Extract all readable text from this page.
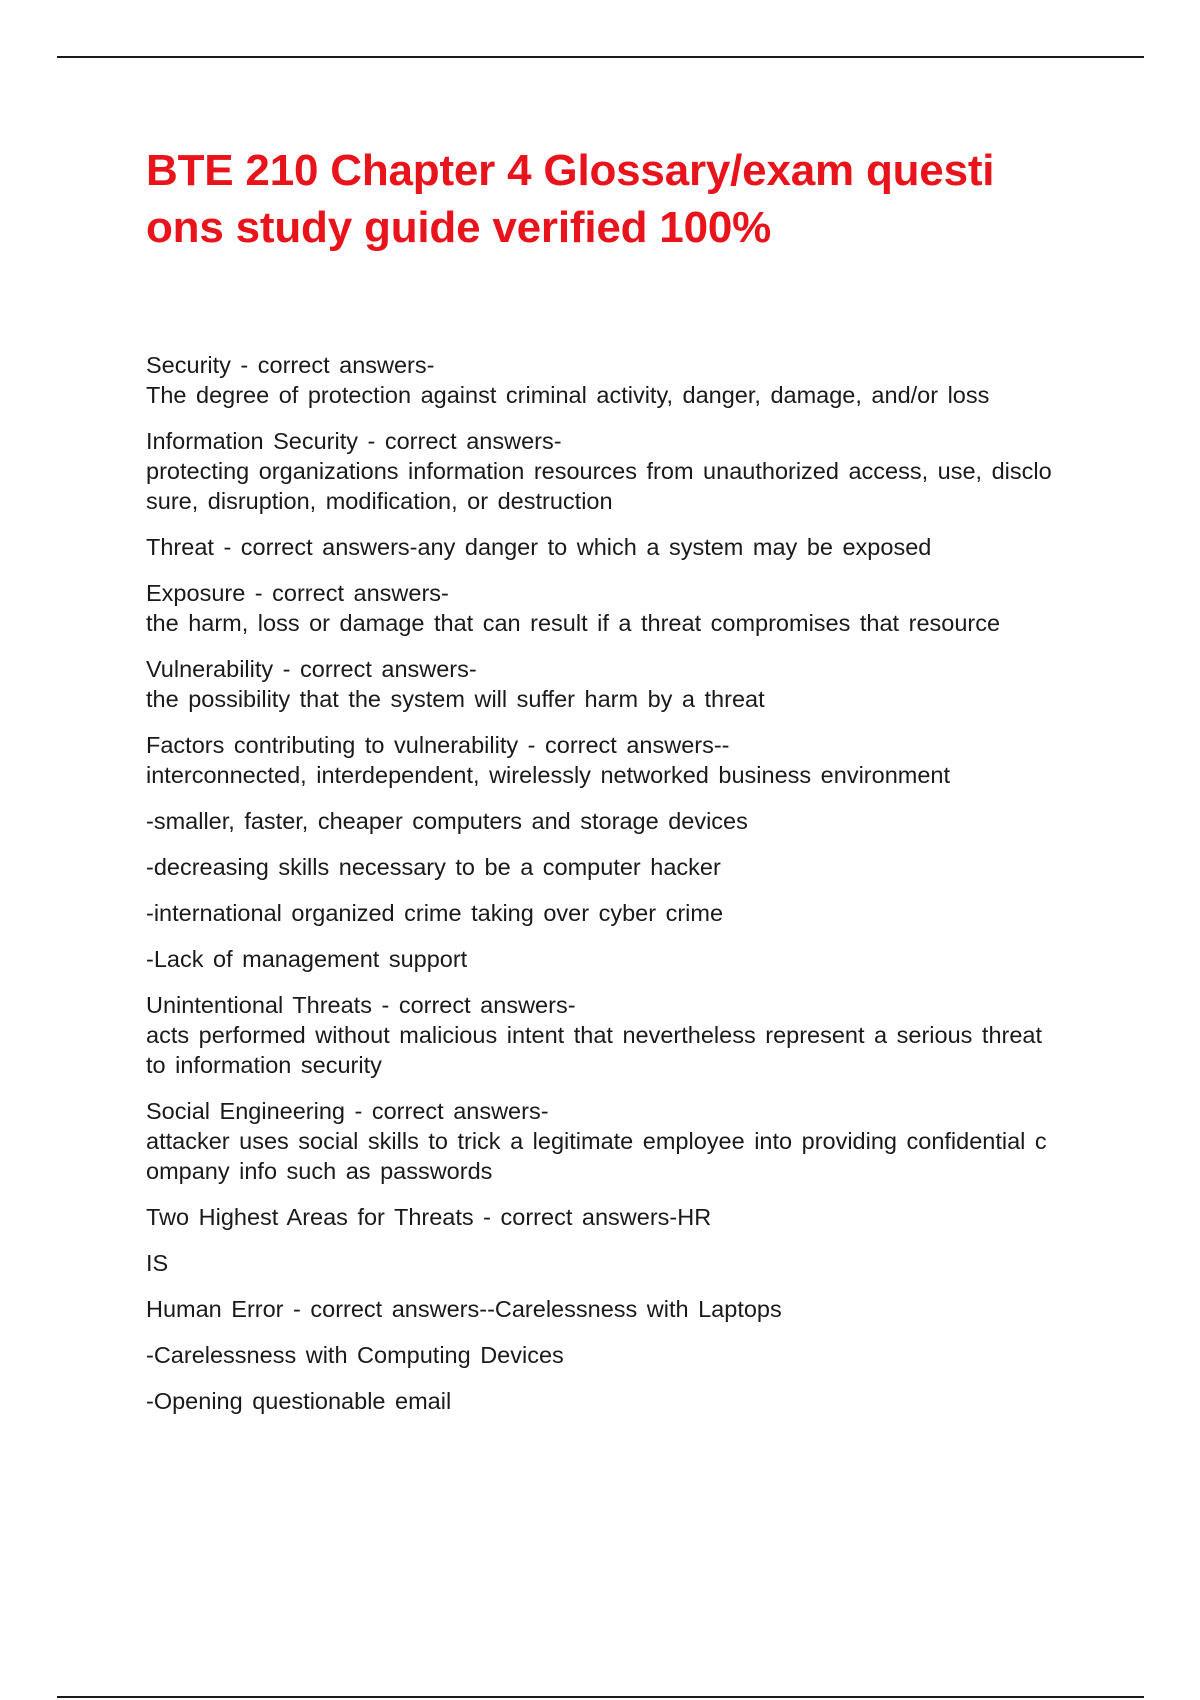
BTE 210 Chapter 4 Glossary/exam questi
ons study guide verified 100%

Security - correct answers-
The degree of protection against criminal activity, danger, damage, and/or loss

Information Security - correct answers-
protecting organizations information resources from unauthorized access, use, disclo
sure, disruption, modification, or destruction

Threat - correct answers-any danger to which a system may be exposed

Exposure - correct answers-
the harm, loss or damage that can result if a threat compromises that resource

Vulnerability - correct answers-
the possibility that the system will suffer harm by a threat

Factors contributing to vulnerability - correct answers--
interconnected, interdependent, wirelessly networked business environment

-smaller, faster, cheaper computers and storage devices

-decreasing skills necessary to be a computer hacker

-international organized crime taking over cyber crime

-Lack of management support

Unintentional Threats - correct answers-
acts performed without malicious intent that nevertheless represent a serious threat
to information security

Social Engineering - correct answers-
attacker uses social skills to trick a legitimate employee into providing confidential c
ompany info such as passwords

Two Highest Areas for Threats - correct answers-HR

IS

Human Error - correct answers--Carelessness with Laptops

-Carelessness with Computing Devices

-Opening questionable email
